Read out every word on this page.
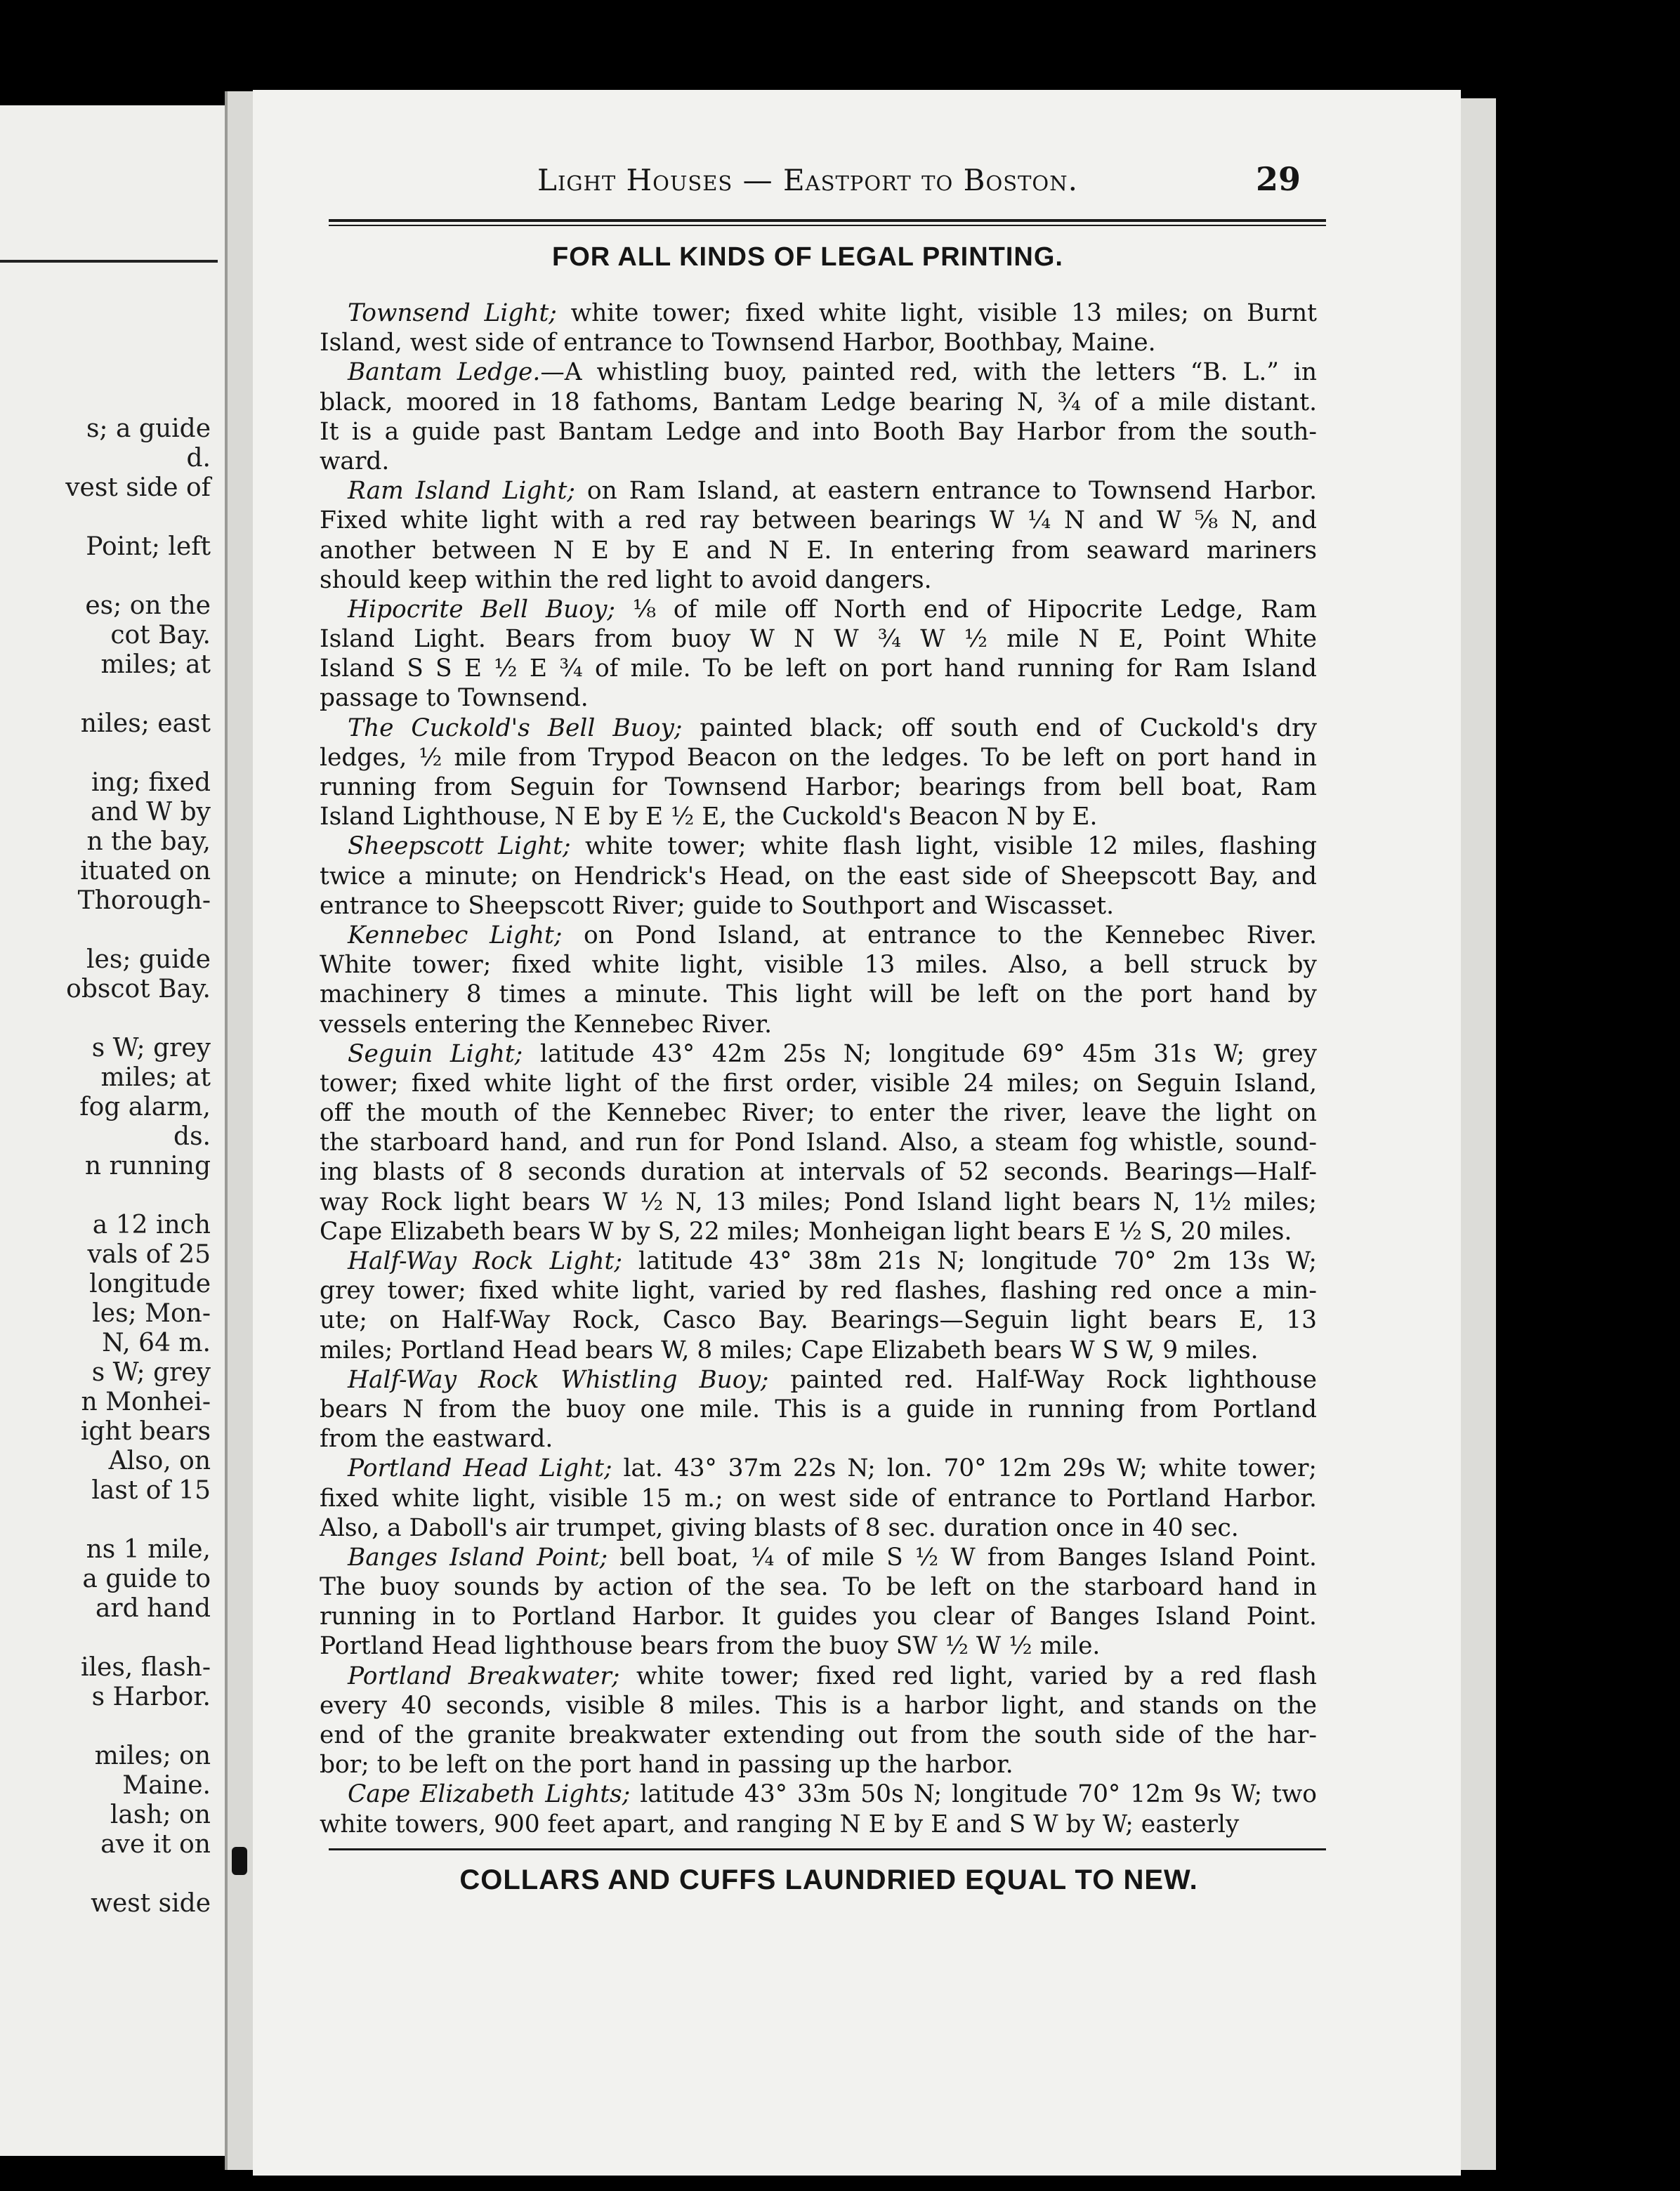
s; a guide
d.
vest side of
Point; left
es; on the
cot Bay.
miles; at
niles; east
ing; fixed
and W by
n the bay,
ituated on
Thorough-
les; guide
obscot Bay.
s W; grey
miles; at
fog alarm,
ds.
n running
a 12 inch
vals of 25
longitude
les; Mon-
N, 64 m.
s W; grey
n Monhei-
ight bears
Also, on
last of 15
ns 1 mile,
a guide to
ard hand
iles, flash-
s Harbor.
miles; on
Maine.
lash; on
ave it on
west side
Light Houses — Eastport to Boston.	29
FOR ALL KINDS OF LEGAL PRINTING.
Townsend Light; white tower; fixed white light, visible 13 miles; on Burnt
Island, west side of entrance to Townsend Harbor, Boothbay, Maine.
Bantam Ledge.—A whistling buoy, painted red, with the letters “B. L.” in
black, moored in 18 fathoms, Bantam Ledge bearing N, ¾ of a mile distant.
It is a guide past Bantam Ledge and into Booth Bay Harbor from the south-
ward.
Ram Island Light; on Ram Island, at eastern entrance to Townsend Harbor.
Fixed white light with a red ray between bearings W ¼ N and W ⅝ N, and
another between N E by E and N E. In entering from seaward mariners
should keep within the red light to avoid dangers.
Hipocrite Bell Buoy; ⅛ of mile off North end of Hipocrite Ledge, Ram
Island Light. Bears from buoy W N W ¾ W ½ mile N E, Point White
Island S S E ½ E ¾ of mile. To be left on port hand running for Ram Island
passage to Townsend.
The Cuckold's Bell Buoy; painted black; off south end of Cuckold's dry
ledges, ½ mile from Trypod Beacon on the ledges. To be left on port hand in
running from Seguin for Townsend Harbor; bearings from bell boat, Ram
Island Lighthouse, N E by E ½ E, the Cuckold's Beacon N by E.
Sheepscott Light; white tower; white flash light, visible 12 miles, flashing
twice a minute; on Hendrick's Head, on the east side of Sheepscott Bay, and
entrance to Sheepscott River; guide to Southport and Wiscasset.
Kennebec Light; on Pond Island, at entrance to the Kennebec River.
White tower; fixed white light, visible 13 miles. Also, a bell struck by
machinery 8 times a minute. This light will be left on the port hand by
vessels entering the Kennebec River.
Seguin Light; latitude 43° 42m 25s N; longitude 69° 45m 31s W; grey
tower; fixed white light of the first order, visible 24 miles; on Seguin Island,
off the mouth of the Kennebec River; to enter the river, leave the light on
the starboard hand, and run for Pond Island. Also, a steam fog whistle, sound-
ing blasts of 8 seconds duration at intervals of 52 seconds. Bearings—Half-
way Rock light bears W ½ N, 13 miles; Pond Island light bears N, 1½ miles;
Cape Elizabeth bears W by S, 22 miles; Monheigan light bears E ½ S, 20 miles.
Half-Way Rock Light; latitude 43° 38m 21s N; longitude 70° 2m 13s W;
grey tower; fixed white light, varied by red flashes, flashing red once a min-
ute; on Half-Way Rock, Casco Bay. Bearings—Seguin light bears E, 13
miles; Portland Head bears W, 8 miles; Cape Elizabeth bears W S W, 9 miles.
Half-Way Rock Whistling Buoy; painted red. Half-Way Rock lighthouse
bears N from the buoy one mile. This is a guide in running from Portland
from the eastward.
Portland Head Light; lat. 43° 37m 22s N; lon. 70° 12m 29s W; white tower;
fixed white light, visible 15 m.; on west side of entrance to Portland Harbor.
Also, a Daboll's air trumpet, giving blasts of 8 sec. duration once in 40 sec.
Banges Island Point; bell boat, ¼ of mile S ½ W from Banges Island Point.
The buoy sounds by action of the sea. To be left on the starboard hand in
running in to Portland Harbor. It guides you clear of Banges Island Point.
Portland Head lighthouse bears from the buoy SW ½ W ½ mile.
Portland Breakwater; white tower; fixed red light, varied by a red flash
every 40 seconds, visible 8 miles. This is a harbor light, and stands on the
end of the granite breakwater extending out from the south side of the har-
bor; to be left on the port hand in passing up the harbor.
Cape Elizabeth Lights; latitude 43° 33m 50s N; longitude 70° 12m 9s W; two
white towers, 900 feet apart, and ranging N E by E and S W by W; easterly
COLLARS AND CUFFS LAUNDRIED EQUAL TO NEW.
